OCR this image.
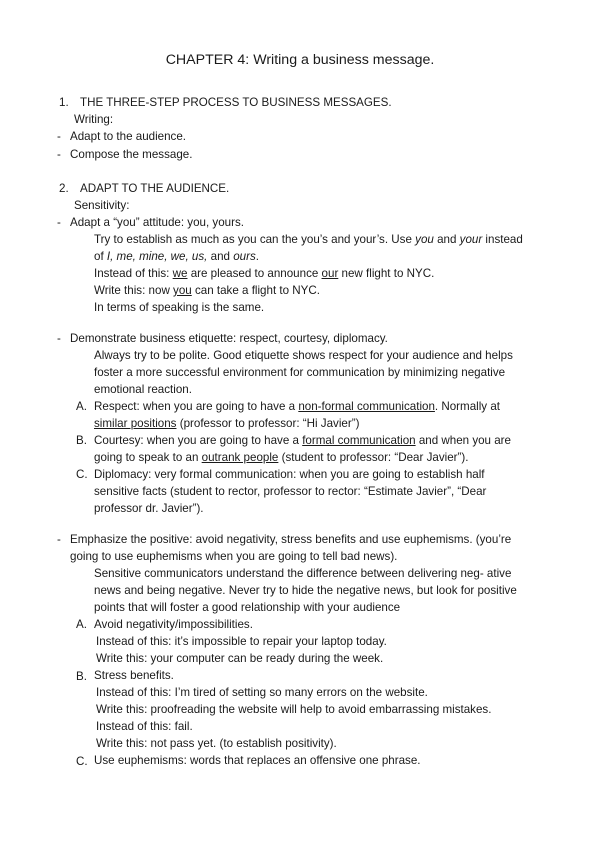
CHAPTER 4: Writing a business message.
1. THE THREE-STEP PROCESS TO BUSINESS MESSAGES.
Writing:
- Adapt to the audience.
- Compose the message.
2. ADAPT TO THE AUDIENCE.
Sensitivity:
- Adapt a “you” attitude: you, yours.
Try to establish as much as you can the you’s and your’s. Use you and your instead
of I, me, mine, we, us, and ours.
Instead of this: we are pleased to announce our new flight to NYC.
Write this: now you can take a flight to NYC.
In terms of speaking is the same.
- Demonstrate business etiquette: respect, courtesy, diplomacy.
Always try to be polite. Good etiquette shows respect for your audience and helps
foster a more successful environment for communication by minimizing negative
emotional reaction.
A. Respect: when you are going to have a non-formal communication. Normally at
similar positions (professor to professor: “Hi Javier”)
B. Courtesy: when you are going to have a formal communication and when you are
going to speak to an outrank people (student to professor: “Dear Javier”).
C. Diplomacy: very formal communication: when you are going to establish half
sensitive facts (student to rector, professor to rector: “Estimate Javier”, “Dear
professor dr. Javier”).
- Emphasize the positive: avoid negativity, stress benefits and use euphemisms. (you’re
going to use euphemisms when you are going to tell bad news).
Sensitive communicators understand the difference between delivering neg- ative
news and being negative. Never try to hide the negative news, but look for positive
points that will foster a good relationship with your audience
A. Avoid negativity/impossibilities.
Instead of this: it’s impossible to repair your laptop today.
Write this: your computer can be ready during the week.
B. Stress benefits.
Instead of this: I’m tired of setting so many errors on the website.
Write this: proofreading the website will help to avoid embarrassing mistakes.
Instead of this: fail.
Write this: not pass yet. (to establish positivity).
C. Use euphemisms: words that replaces an offensive one phrase.
